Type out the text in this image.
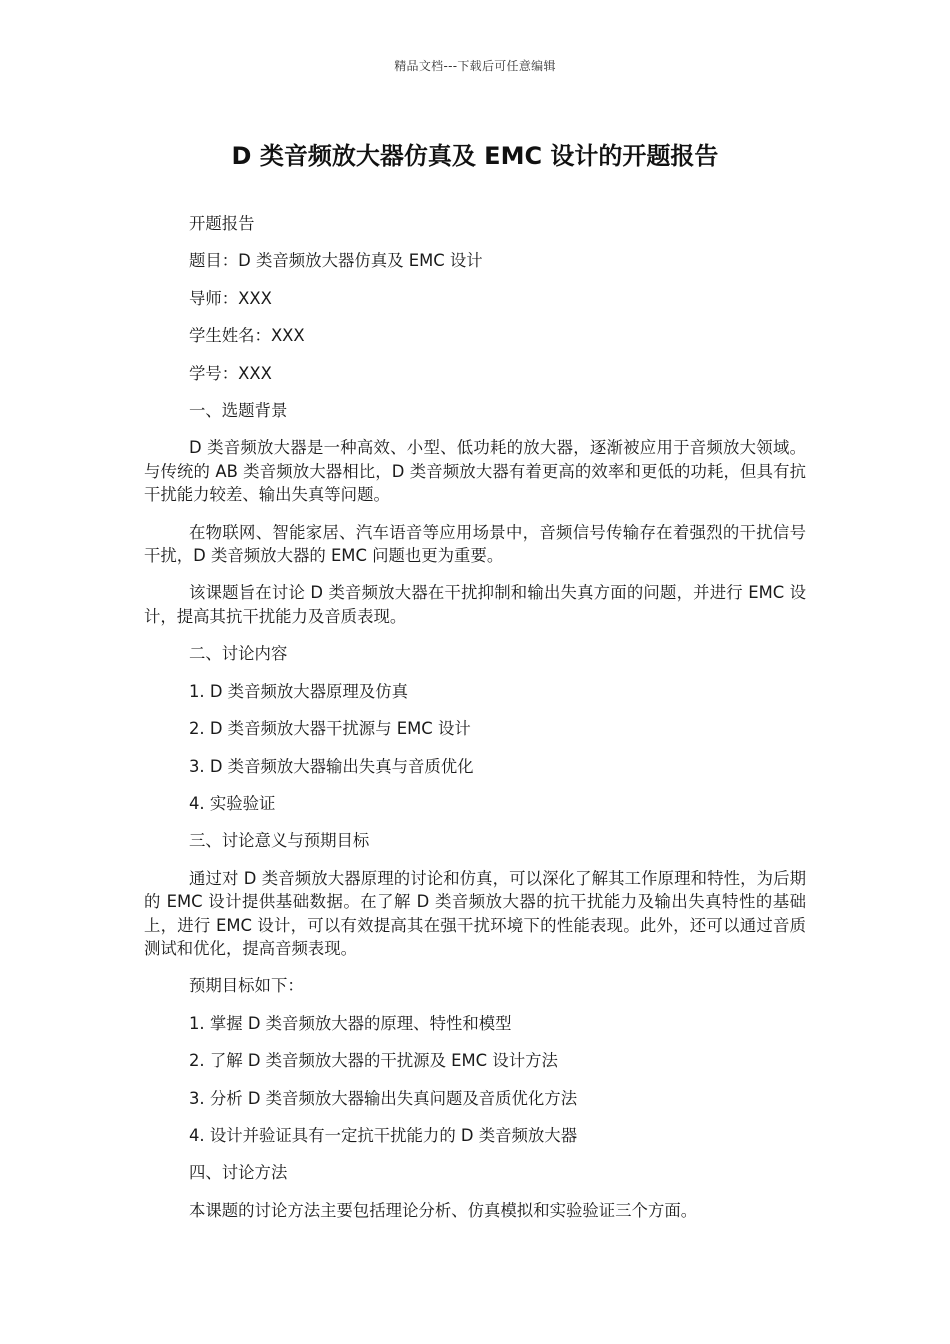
精品文档---下载后可任意编辑
D 类音频放大器仿真及 EMC 设计的开题报告

开题报告

题目：D 类音频放大器仿真及 EMC 设计

导师：XXX

学生姓名：XXX

学号：XXX

一、选题背景

D 类音频放大器是一种高效、小型、低功耗的放大器，逐渐被应用于音频放大领域。与传统的 AB 类音频放大器相比，D 类音频放大器有着更高的效率和更低的功耗，但具有抗干扰能力较差、输出失真等问题。

在物联网、智能家居、汽车语音等应用场景中，音频信号传输存在着强烈的干扰信号干扰，D 类音频放大器的 EMC 问题也更为重要。

该课题旨在讨论 D 类音频放大器在干扰抑制和输出失真方面的问题，并进行 EMC 设计，提高其抗干扰能力及音质表现。

二、讨论内容

1. D 类音频放大器原理及仿真

2. D 类音频放大器干扰源与 EMC 设计

3. D 类音频放大器输出失真与音质优化

4. 实验验证

三、讨论意义与预期目标

通过对 D 类音频放大器原理的讨论和仿真，可以深化了解其工作原理和特性，为后期的 EMC 设计提供基础数据。在了解 D 类音频放大器的抗干扰能力及输出失真特性的基础上，进行 EMC 设计，可以有效提高其在强干扰环境下的性能表现。此外，还可以通过音质测试和优化，提高音频表现。

预期目标如下：

1. 掌握 D 类音频放大器的原理、特性和模型

2. 了解 D 类音频放大器的干扰源及 EMC 设计方法

3. 分析 D 类音频放大器输出失真问题及音质优化方法

4. 设计并验证具有一定抗干扰能力的 D 类音频放大器

四、讨论方法

本课题的讨论方法主要包括理论分析、仿真模拟和实验验证三个方面。
